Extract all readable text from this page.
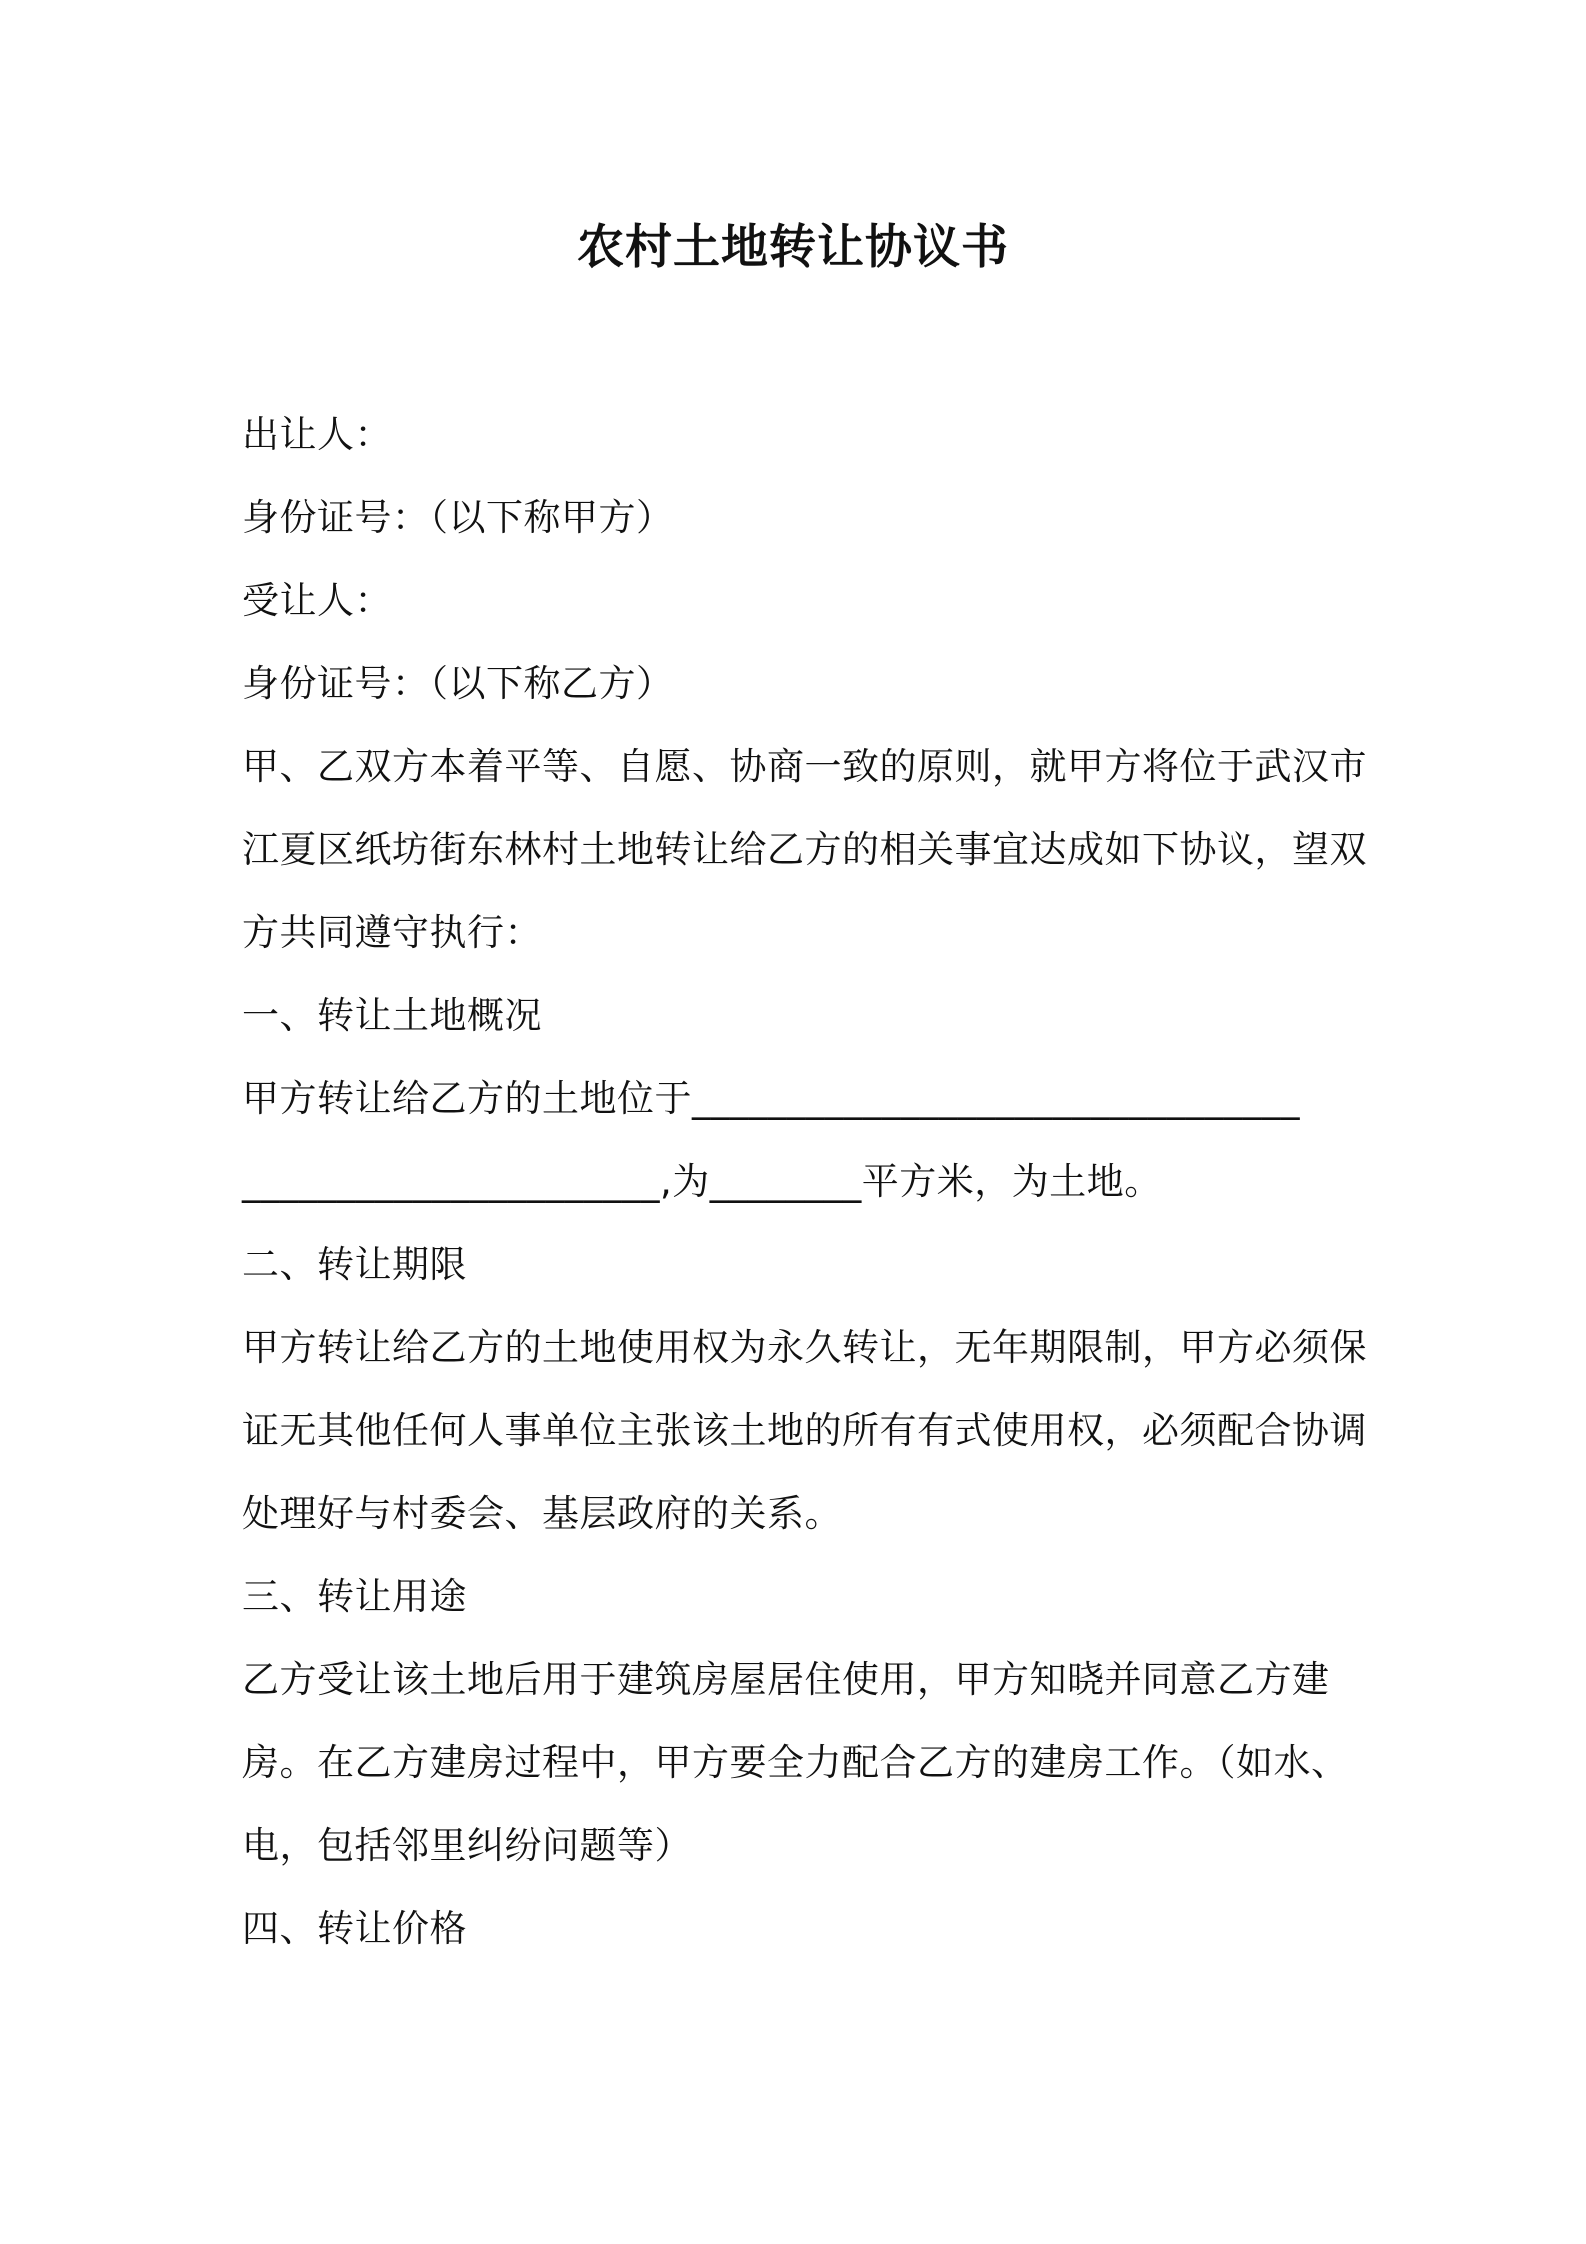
农村土地转让协议书
出让人：
身份证号：（以下称甲方）
受让人：
身份证号：（以下称乙方）
甲、乙双方本着平等、自愿、协商一致的原则，就甲方将位于武汉市
江夏区纸坊街东林村土地转让给乙方的相关事宜达成如下协议，望双
方共同遵守执行：
一、转让土地概况
甲方转让给乙方的土地位于________________________________
______________________,为________平方米，为土地。
二、转让期限
甲方转让给乙方的土地使用权为永久转让，无年期限制，甲方必须保
证无其他任何人事单位主张该土地的所有有式使用权，必须配合协调
处理好与村委会、基层政府的关系。
三、转让用途
乙方受让该土地后用于建筑房屋居住使用，甲方知晓并同意乙方建
房。在乙方建房过程中，甲方要全力配合乙方的建房工作。（如水、
电，包括邻里纠纷问题等）
四、转让价格
